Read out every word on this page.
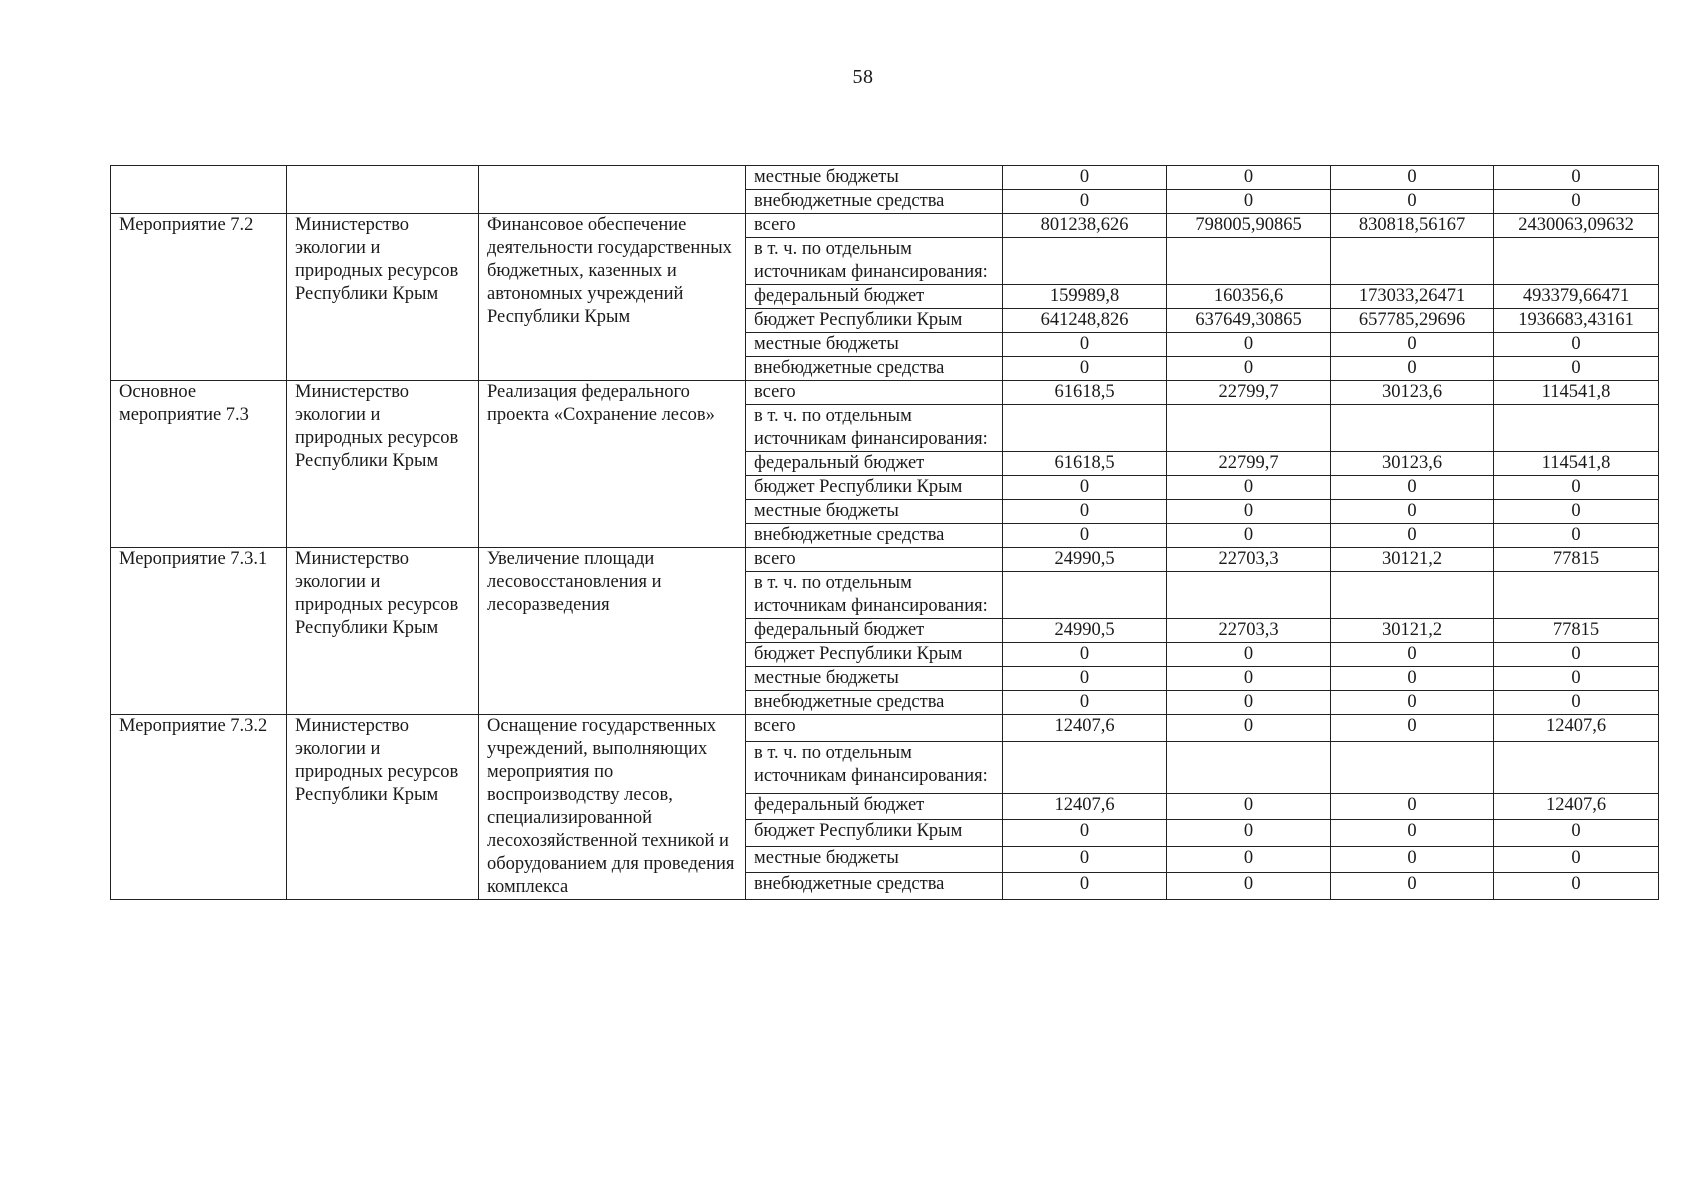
58
			местные бюджеты	0	0	0	0
			внебюджетные средства	0	0	0	0
Мероприятие 7.2	Министерство экологии и природных ресурсов Республики Крым	Финансовое обеспечение деятельности государственных бюджетных, казенных и автономных учреждений Республики Крым	всего	801238,626	798005,90865	830818,56167	2430063,09632
			в т. ч. по отдельным источникам финансирования:				
			федеральный бюджет	159989,8	160356,6	173033,26471	493379,66471
			бюджет Республики Крым	641248,826	637649,30865	657785,29696	1936683,43161
			местные бюджеты	0	0	0	0
			внебюджетные средства	0	0	0	0
Основное мероприятие 7.3	Министерство экологии и природных ресурсов Республики Крым	Реализация федерального проекта «Сохранение лесов»	всего	61618,5	22799,7	30123,6	114541,8
			в т. ч. по отдельным источникам финансирования:				
			федеральный бюджет	61618,5	22799,7	30123,6	114541,8
			бюджет Республики Крым	0	0	0	0
			местные бюджеты	0	0	0	0
			внебюджетные средства	0	0	0	0
Мероприятие 7.3.1	Министерство экологии и природных ресурсов Республики Крым	Увеличение площади лесовосстановления и лесоразведения	всего	24990,5	22703,3	30121,2	77815
			в т. ч. по отдельным источникам финансирования:				
			федеральный бюджет	24990,5	22703,3	30121,2	77815
			бюджет Республики Крым	0	0	0	0
			местные бюджеты	0	0	0	0
			внебюджетные средства	0	0	0	0
Мероприятие 7.3.2	Министерство экологии и природных ресурсов Республики Крым	Оснащение государственных учреждений, выполняющих мероприятия по воспроизводству лесов, специализированной лесохозяйственной техникой и оборудованием для проведения комплекса	всего	12407,6	0	0	12407,6
			в т. ч. по отдельным источникам финансирования:				
			федеральный бюджет	12407,6	0	0	12407,6
			бюджет Республики Крым	0	0	0	0
			местные бюджеты	0	0	0	0
			внебюджетные средства	0	0	0	0
